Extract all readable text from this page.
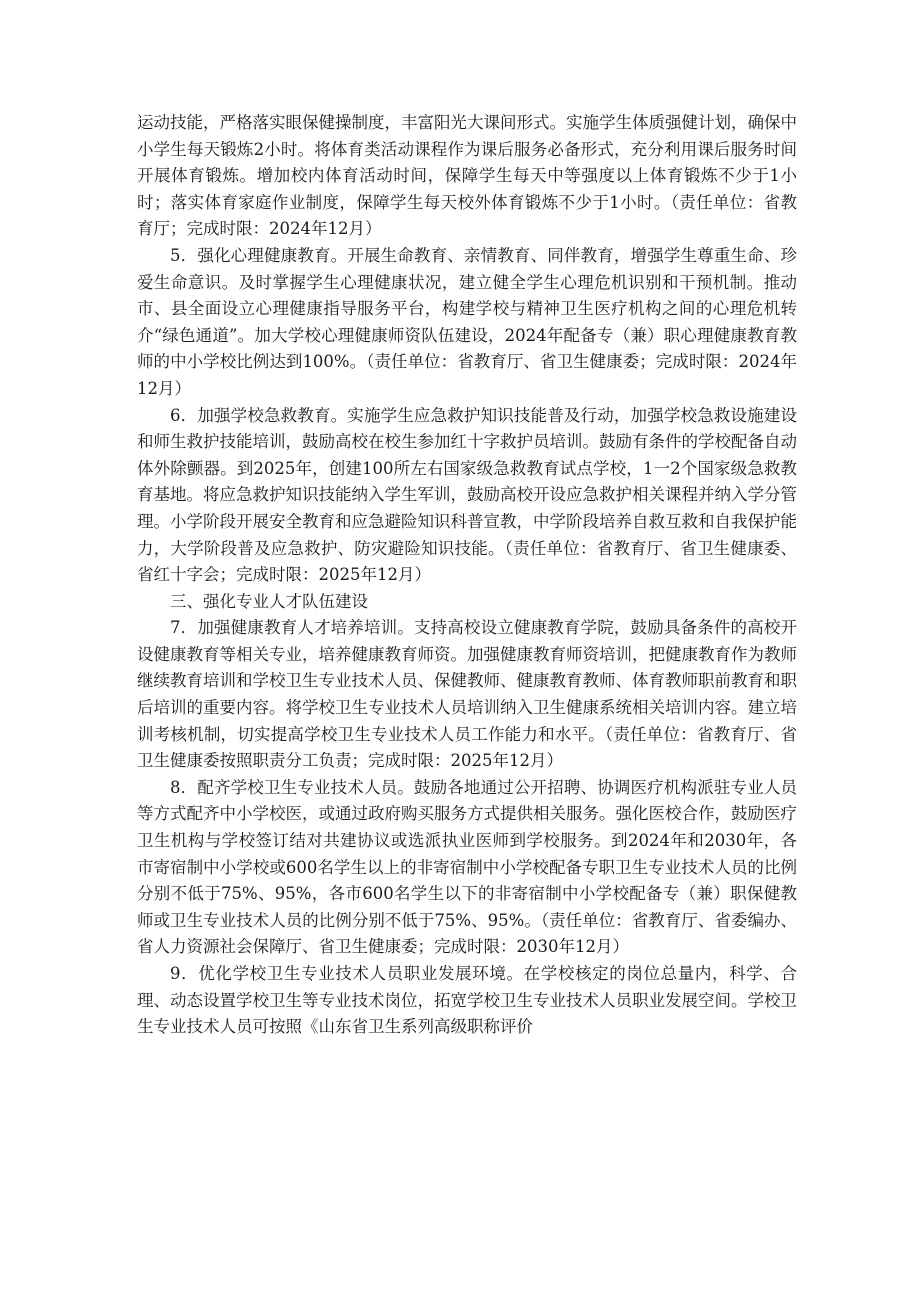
运动技能，严格落实眼保健操制度，丰富阳光大课间形式。实施学生体质强健计划，确保中小学生每天锻炼2小时。将体育类活动课程作为课后服务必备形式，充分利用课后服务时间开展体育锻炼。增加校内体育活动时间，保障学生每天中等强度以上体育锻炼不少于1小时；落实体育家庭作业制度，保障学生每天校外体育锻炼不少于1小时。（责任单位：省教育厅；完成时限：2024年12月）

5．强化心理健康教育。开展生命教育、亲情教育、同伴教育，增强学生尊重生命、珍爱生命意识。及时掌握学生心理健康状况，建立健全学生心理危机识别和干预机制。推动市、县全面设立心理健康指导服务平台，构建学校与精神卫生医疗机构之间的心理危机转介“绿色通道”。加大学校心理健康师资队伍建设，2024年配备专（兼）职心理健康教育教师的中小学校比例达到100%。（责任单位：省教育厅、省卫生健康委；完成时限：2024年12月）

6．加强学校急救教育。实施学生应急救护知识技能普及行动，加强学校急救设施建设和师生救护技能培训，鼓励高校在校生参加红十字救护员培训。鼓励有条件的学校配备自动体外除颤器。到2025年，创建100所左右国家级急救教育试点学校，1一2个国家级急救教育基地。将应急救护知识技能纳入学生军训，鼓励高校开设应急救护相关课程并纳入学分管理。小学阶段开展安全教育和应急避险知识科普宣教，中学阶段培养自救互救和自我保护能力，大学阶段普及应急救护、防灾避险知识技能。（责任单位：省教育厅、省卫生健康委、省红十字会；完成时限：2025年12月）

三、强化专业人才队伍建设

7．加强健康教育人才培养培训。支持高校设立健康教育学院，鼓励具备条件的高校开设健康教育等相关专业，培养健康教育师资。加强健康教育师资培训，把健康教育作为教师继续教育培训和学校卫生专业技术人员、保健教师、健康教育教师、体育教师职前教育和职后培训的重要内容。将学校卫生专业技术人员培训纳入卫生健康系统相关培训内容。建立培训考核机制，切实提高学校卫生专业技术人员工作能力和水平。（责任单位：省教育厅、省卫生健康委按照职责分工负责；完成时限：2025年12月）

8．配齐学校卫生专业技术人员。鼓励各地通过公开招聘、协调医疗机构派驻专业人员等方式配齐中小学校医，或通过政府购买服务方式提供相关服务。强化医校合作，鼓励医疗卫生机构与学校签订结对共建协议或选派执业医师到学校服务。到2024年和2030年，各市寄宿制中小学校或600名学生以上的非寄宿制中小学校配备专职卫生专业技术人员的比例分别不低于75%、95%，各市600名学生以下的非寄宿制中小学校配备专（兼）职保健教师或卫生专业技术人员的比例分别不低于75%、95%。（责任单位：省教育厅、省委编办、省人力资源社会保障厅、省卫生健康委；完成时限：2030年12月）

9．优化学校卫生专业技术人员职业发展环境。在学校核定的岗位总量内，科学、合理、动态设置学校卫生等专业技术岗位，拓宽学校卫生专业技术人员职业发展空间。学校卫生专业技术人员可按照《山东省卫生系列高级职称评价
